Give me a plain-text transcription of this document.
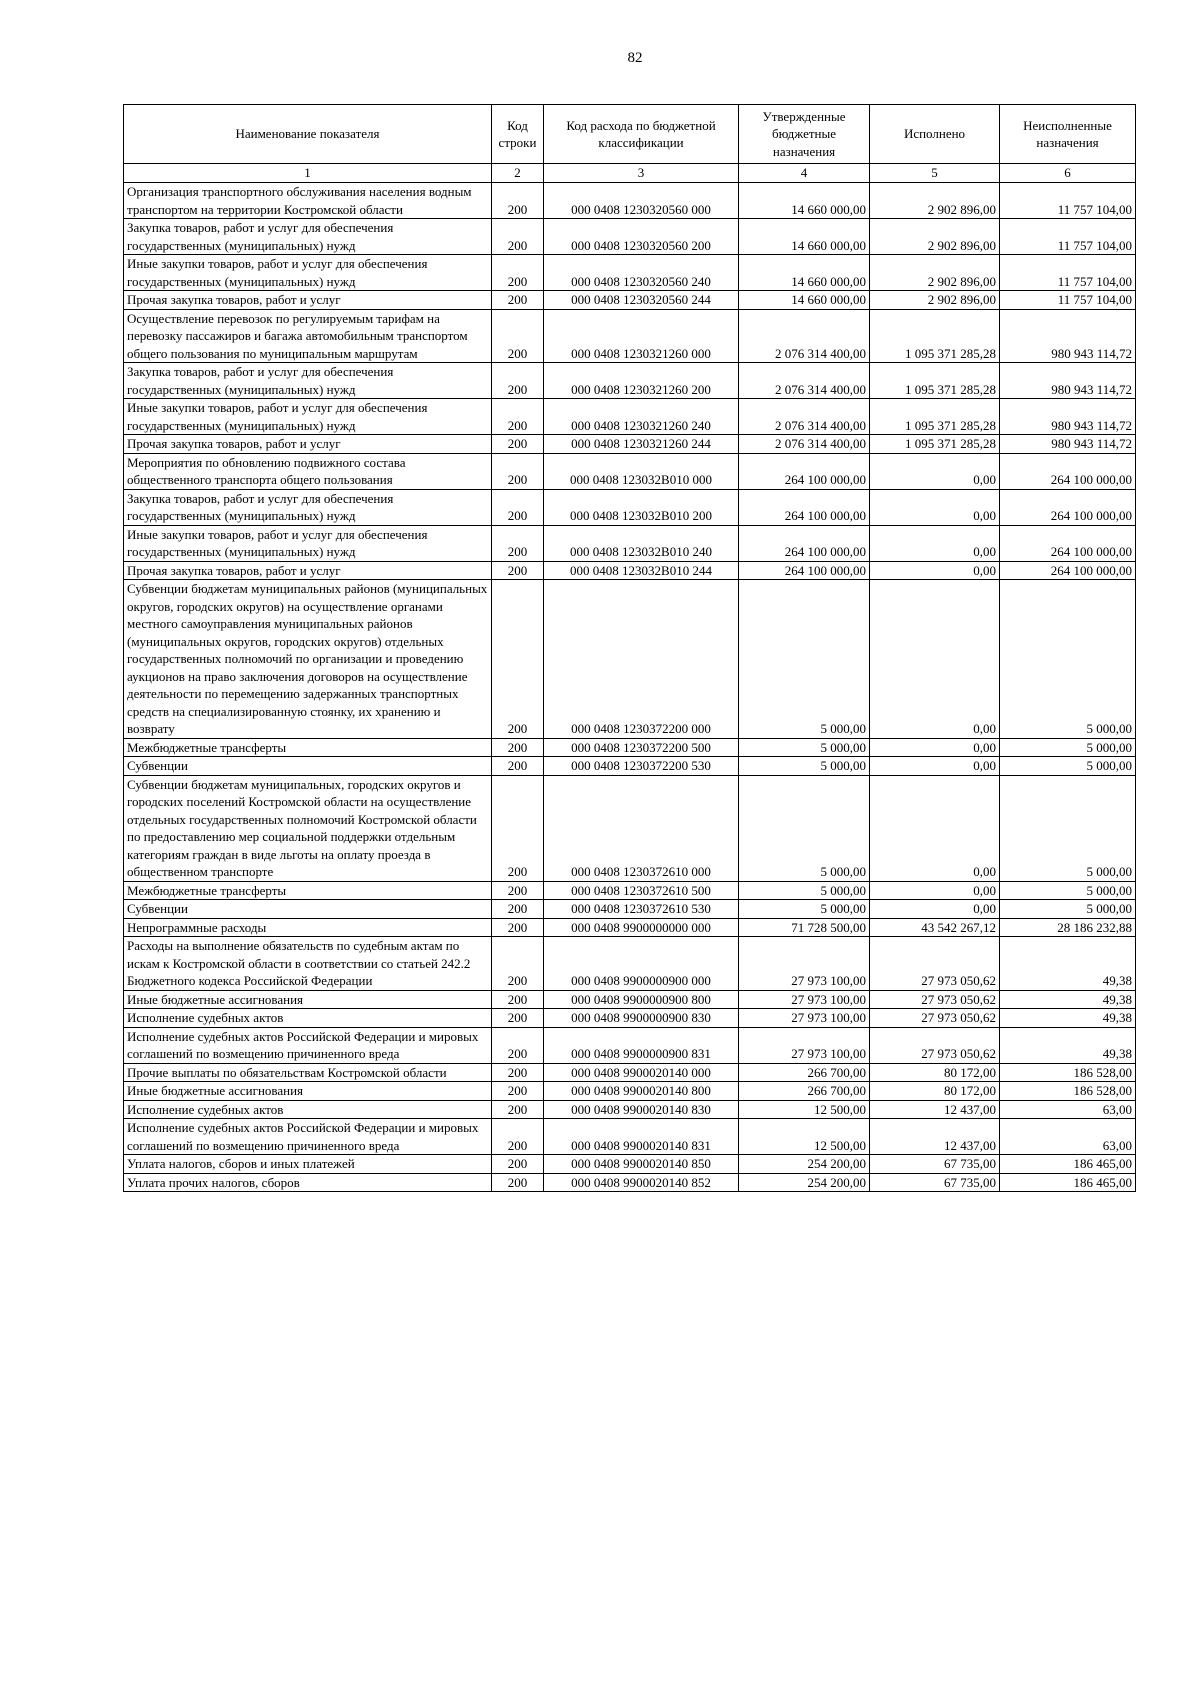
82
Наименование показателя	Код строки	Код расхода по бюджетной классификации	Утвержденные бюджетные назначения	Исполнено	Неисполненные назначения
1	2	3	4	5	6
Организация транспортного обслуживания населения водным транспортом на территории Костромской области	200	000 0408 1230320560 000	14 660 000,00	2 902 896,00	11 757 104,00
Закупка товаров, работ и услуг для обеспечения государственных (муниципальных) нужд	200	000 0408 1230320560 200	14 660 000,00	2 902 896,00	11 757 104,00
Иные закупки товаров, работ и услуг для обеспечения государственных (муниципальных) нужд	200	000 0408 1230320560 240	14 660 000,00	2 902 896,00	11 757 104,00
Прочая закупка товаров, работ и услуг	200	000 0408 1230320560 244	14 660 000,00	2 902 896,00	11 757 104,00
Осуществление перевозок по регулируемым тарифам на перевозку пассажиров и багажа автомобильным транспортом общего пользования по муниципальным маршрутам	200	000 0408 1230321260 000	2 076 314 400,00	1 095 371 285,28	980 943 114,72
Закупка товаров, работ и услуг для обеспечения государственных (муниципальных) нужд	200	000 0408 1230321260 200	2 076 314 400,00	1 095 371 285,28	980 943 114,72
Иные закупки товаров, работ и услуг для обеспечения государственных (муниципальных) нужд	200	000 0408 1230321260 240	2 076 314 400,00	1 095 371 285,28	980 943 114,72
Прочая закупка товаров, работ и услуг	200	000 0408 1230321260 244	2 076 314 400,00	1 095 371 285,28	980 943 114,72
Мероприятия по обновлению подвижного состава общественного транспорта общего пользования	200	000 0408 123032B010 000	264 100 000,00	0,00	264 100 000,00
Закупка товаров, работ и услуг для обеспечения государственных (муниципальных) нужд	200	000 0408 123032B010 200	264 100 000,00	0,00	264 100 000,00
Иные закупки товаров, работ и услуг для обеспечения государственных (муниципальных) нужд	200	000 0408 123032B010 240	264 100 000,00	0,00	264 100 000,00
Прочая закупка товаров, работ и услуг	200	000 0408 123032B010 244	264 100 000,00	0,00	264 100 000,00
Субвенции бюджетам муниципальных районов (муниципальных округов, городских округов) на осуществление органами местного самоуправления муниципальных районов (муниципальных округов, городских округов) отдельных государственных полномочий по организации и проведению аукционов на право заключения договоров на осуществление деятельности по перемещению задержанных транспортных средств на специализированную стоянку, их хранению и возврату	200	000 0408 1230372200 000	5 000,00	0,00	5 000,00
Межбюджетные трансферты	200	000 0408 1230372200 500	5 000,00	0,00	5 000,00
Субвенции	200	000 0408 1230372200 530	5 000,00	0,00	5 000,00
Субвенции бюджетам муниципальных, городских округов и городских поселений Костромской области на осуществление отдельных государственных полномочий Костромской области по предоставлению мер социальной поддержки отдельным категориям граждан в виде льготы на оплату проезда в общественном транспорте	200	000 0408 1230372610 000	5 000,00	0,00	5 000,00
Межбюджетные трансферты	200	000 0408 1230372610 500	5 000,00	0,00	5 000,00
Субвенции	200	000 0408 1230372610 530	5 000,00	0,00	5 000,00
Непрограммные расходы	200	000 0408 9900000000 000	71 728 500,00	43 542 267,12	28 186 232,88
Расходы на выполнение обязательств по судебным актам по искам к Костромской области в соответствии со статьей 242.2 Бюджетного кодекса Российской Федерации	200	000 0408 9900000900 000	27 973 100,00	27 973 050,62	49,38
Иные бюджетные ассигнования	200	000 0408 9900000900 800	27 973 100,00	27 973 050,62	49,38
Исполнение судебных актов	200	000 0408 9900000900 830	27 973 100,00	27 973 050,62	49,38
Исполнение судебных актов Российской Федерации и мировых соглашений по возмещению причиненного вреда	200	000 0408 9900000900 831	27 973 100,00	27 973 050,62	49,38
Прочие выплаты по обязательствам Костромской области	200	000 0408 9900020140 000	266 700,00	80 172,00	186 528,00
Иные бюджетные ассигнования	200	000 0408 9900020140 800	266 700,00	80 172,00	186 528,00
Исполнение судебных актов	200	000 0408 9900020140 830	12 500,00	12 437,00	63,00
Исполнение судебных актов Российской Федерации и мировых соглашений по возмещению причиненного вреда	200	000 0408 9900020140 831	12 500,00	12 437,00	63,00
Уплата налогов, сборов и иных платежей	200	000 0408 9900020140 850	254 200,00	67 735,00	186 465,00
Уплата прочих налогов, сборов	200	000 0408 9900020140 852	254 200,00	67 735,00	186 465,00
